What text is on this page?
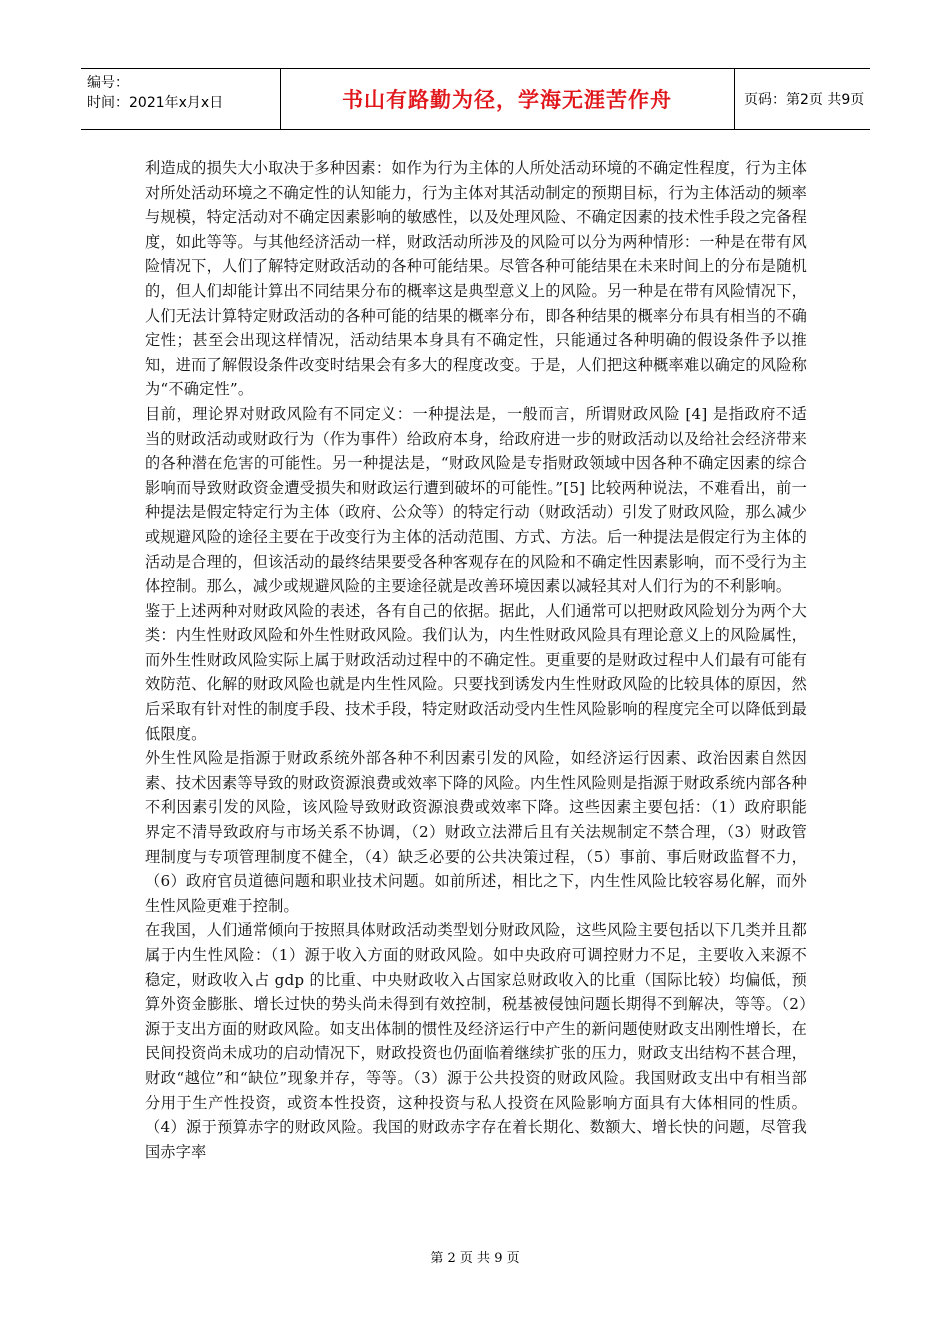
编号：
时间：2021年x月x日	书山有路勤为径，学海无涯苦作舟	页码：第2页 共9页

利造成的损失大小取决于多种因素：如作为行为主体的人所处活动环境的不确定性程度，行为主体对所处活动环境之不确定性的认知能力，行为主体对其活动制定的预期目标，行为主体活动的频率与规模，特定活动对不确定因素影响的敏感性，以及处理风险、不确定因素的技术性手段之完备程度，如此等等。与其他经济活动一样，财政活动所涉及的风险可以分为两种情形：一种是在带有风险情况下，人们了解特定财政活动的各种可能结果。尽管各种可能结果在未来时间上的分布是随机的，但人们却能计算出不同结果分布的概率这是典型意义上的风险。另一种是在带有风险情况下，人们无法计算特定财政活动的各种可能的结果的概率分布，即各种结果的概率分布具有相当的不确定性；甚至会出现这样情况，活动结果本身具有不确定性，只能通过各种明确的假设条件予以推知，进而了解假设条件改变时结果会有多大的程度改变。于是，人们把这种概率难以确定的风险称为“不确定性”。

目前，理论界对财政风险有不同定义：一种提法是，一般而言，所谓财政风险 [4] 是指政府不适当的财政活动或财政行为（作为事件）给政府本身，给政府进一步的财政活动以及给社会经济带来的各种潜在危害的可能性。另一种提法是，“财政风险是专指财政领域中因各种不确定因素的综合影响而导致财政资金遭受损失和财政运行遭到破坏的可能性。”[5] 比较两种说法，不难看出，前一种提法是假定特定行为主体（政府、公众等）的特定行动（财政活动）引发了财政风险，那么减少或规避风险的途径主要在于改变行为主体的活动范围、方式、方法。后一种提法是假定行为主体的活动是合理的，但该活动的最终结果要受各种客观存在的风险和不确定性因素影响，而不受行为主体控制。那么，减少或规避风险的主要途径就是改善环境因素以减轻其对人们行为的不利影响。

鉴于上述两种对财政风险的表述，各有自己的依据。据此，人们通常可以把财政风险划分为两个大类：内生性财政风险和外生性财政风险。我们认为，内生性财政风险具有理论意义上的风险属性，而外生性财政风险实际上属于财政活动过程中的不确定性。更重要的是财政过程中人们最有可能有效防范、化解的财政风险也就是内生性风险。只要找到诱发内生性财政风险的比较具体的原因，然后采取有针对性的制度手段、技术手段，特定财政活动受内生性风险影响的程度完全可以降低到最低限度。

外生性风险是指源于财政系统外部各种不利因素引发的风险，如经济运行因素、政治因素自然因素、技术因素等导致的财政资源浪费或效率下降的风险。内生性风险则是指源于财政系统内部各种不利因素引发的风险，该风险导致财政资源浪费或效率下降。这些因素主要包括：（1）政府职能界定不清导致政府与市场关系不协调，（2）财政立法滞后且有关法规制定不禁合理，（3）财政管理制度与专项管理制度不健全，（4）缺乏必要的公共决策过程，（5）事前、事后财政监督不力，（6）政府官员道德问题和职业技术问题。如前所述，相比之下，内生性风险比较容易化解，而外生性风险更难于控制。

在我国，人们通常倾向于按照具体财政活动类型划分财政风险，这些风险主要包括以下几类并且都属于内生性风险：（1）源于收入方面的财政风险。如中央政府可调控财力不足，主要收入来源不稳定，财政收入占 gdp 的比重、中央财政收入占国家总财政收入的比重（国际比较）均偏低，预算外资金膨胀、增长过快的势头尚未得到有效控制，税基被侵蚀问题长期得不到解决，等等。（2）源于支出方面的财政风险。如支出体制的惯性及经济运行中产生的新问题使财政支出刚性增长，在民间投资尚未成功的启动情况下，财政投资也仍面临着继续扩张的压力，财政支出结构不甚合理，财政“越位”和“缺位”现象并存，等等。（3）源于公共投资的财政风险。我国财政支出中有相当部分用于生产性投资，或资本性投资，这种投资与私人投资在风险影响方面具有大体相同的性质。（4）源于预算赤字的财政风险。我国的财政赤字存在着长期化、数额大、增长快的问题，尽管我国赤字率

第 2 页 共 9 页
